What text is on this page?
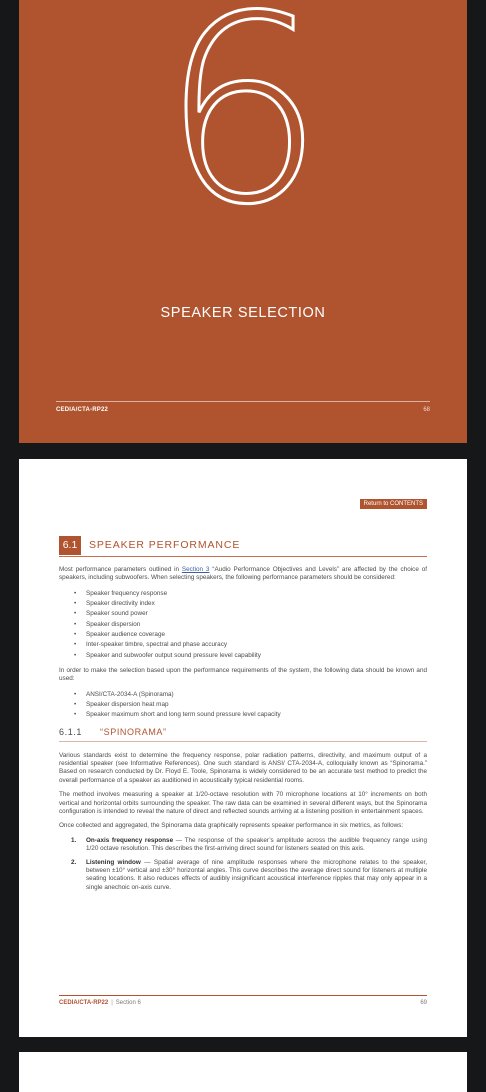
6
SPEAKER SELECTION
CEDIA/CTA-RP22	68
Return to CONTENTS
6.1	SPEAKER PERFORMANCE

Most performance parameters outlined in Section 3 “Audio Performance Objectives and Levels” are affected by the choice of speakers, including subwoofers. When selecting speakers, the following performance parameters should be considered:

• Speaker frequency response
• Speaker directivity index
• Speaker sound power
• Speaker dispersion
• Speaker audience coverage
• Inter-speaker timbre, spectral and phase accuracy
• Speaker and subwoofer output sound pressure level capability

In order to make the selection based upon the performance requirements of the system, the following data should be known and used:

• ANSI/CTA-2034-A (Spinorama)
• Speaker dispersion heat map
• Speaker maximum short and long term sound pressure level capacity
6.1.1 “SPINORAMA”

Various standards exist to determine the frequency response, polar radiation patterns, directivity, and maximum output of a residential speaker (see Informative References). One such standard is ANSI/ CTA-2034-A, colloquially known as “Spinorama.” Based on research conducted by Dr. Floyd E. Toole, Spinorama is widely considered to be an accurate test method to predict the overall performance of a speaker as auditioned in acoustically typical residential rooms.

The method involves measuring a speaker at 1/20-octave resolution with 70 microphone locations at 10° increments on both vertical and horizontal orbits surrounding the speaker. The raw data can be examined in several different ways, but the Spinorama configuration is intended to reveal the nature of direct and reflected sounds arriving at a listening position in entertainment spaces.

Once collected and aggregated, the Spinorama data graphically represents speaker performance in six metrics, as follows:

1. On-axis frequency response — The response of the speaker’s amplitude across the audible frequency range using 1/20 octave resolution. This describes the first-arriving direct sound for listeners seated on this axis.
2. Listening window — Spatial average of nine amplitude responses where the microphone relates to the speaker, between ±10° vertical and ±30° horizontal angles. This curve describes the average direct sound for listeners at multiple seating locations. It also reduces effects of audibly insignificant acoustical interference ripples that may only appear in a single anechoic on-axis curve.
CEDIA/CTA-RP22 | Section 6	69
